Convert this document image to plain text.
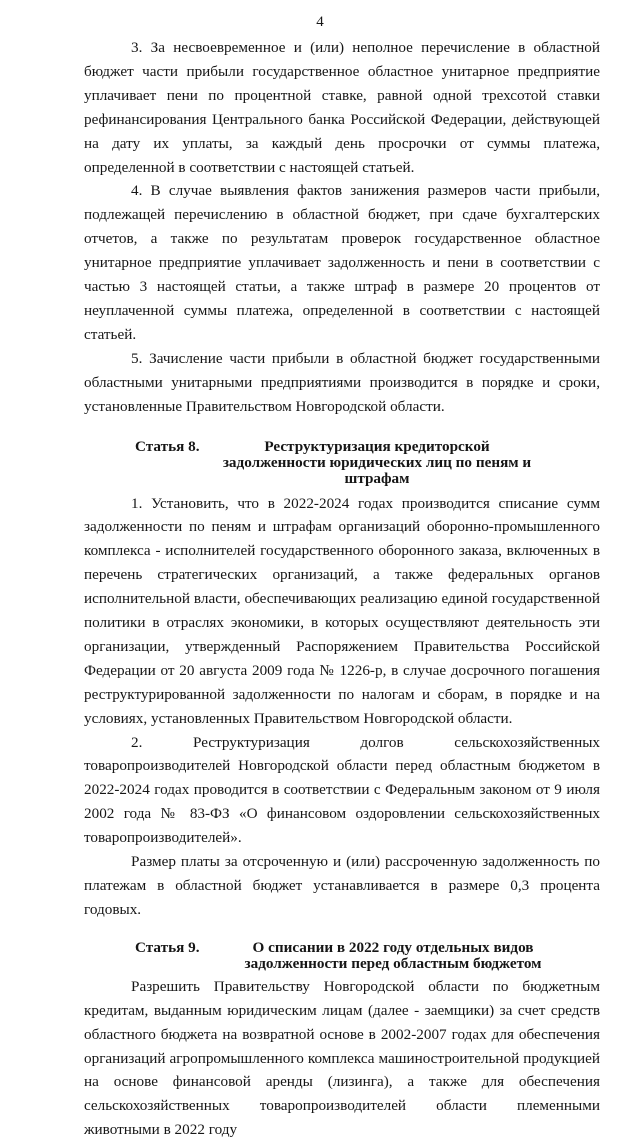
4

3. За несвоевременное и (или) неполное перечисление в областной бюджет части прибыли государственное областное унитарное предприятие уплачивает пени по процентной ставке, равной одной трехсотой ставки рефинансирования Центрального банка Российской Федерации, действующей на дату их уплаты, за каждый день просрочки от суммы платежа, определенной в соответствии с настоящей статьей.

4. В случае выявления фактов занижения размеров части прибыли, подлежащей перечислению в областной бюджет, при сдаче бухгалтерских отчетов, а также по результатам проверок государственное областное унитарное предприятие уплачивает задолженность и пени в соответствии с частью 3 настоящей статьи, а также штраф в размере 20 процентов от неуплаченной суммы платежа, определенной в соответствии с настоящей статьей.

5. Зачисление части прибыли в областной бюджет государственными областными унитарными предприятиями производится в порядке и сроки, установленные Правительством Новгородской области.

Статья 8.	Реструктуризация кредиторской задолженности юридических лиц по пеням и штрафам

1. Установить, что в 2022-2024 годах производится списание сумм задолженности по пеням и штрафам организаций оборонно-промышленного комплекса - исполнителей государственного оборонного заказа, включенных в перечень стратегических организаций, а также федеральных органов исполнительной власти, обеспечивающих реализацию единой государственной политики в отраслях экономики, в которых осуществляют деятельность эти организации, утвержденный Распоряжением Правительства Российской Федерации от 20 августа 2009 года № 1226-р, в случае досрочного погашения реструктурированной задолженности по налогам и сборам, в порядке и на условиях, установленных Правительством Новгородской области.

2. Реструктуризация долгов сельскохозяйственных товаропроизводителей Новгородской области перед областным бюджетом в 2022-2024 годах проводится в соответствии с Федеральным законом от 9 июля 2002 года № 83-ФЗ «О финансовом оздоровлении сельскохозяйственных товаропроизводителей».

Размер платы за отсроченную и (или) рассроченную задолженность по платежам в областной бюджет устанавливается в размере 0,3 процента годовых.

Статья 9.	О списании в 2022 году отдельных видов задолженности перед областным бюджетом

Разрешить Правительству Новгородской области по бюджетным кредитам, выданным юридическим лицам (далее - заемщики) за счет средств областного бюджета на возвратной основе в 2002-2007 годах для обеспечения организаций агропромышленного комплекса машиностроительной продукцией на основе финансовой аренды (лизинга), а также для обеспечения сельскохозяйственных товаропроизводителей области племенными животными в 2022 году
